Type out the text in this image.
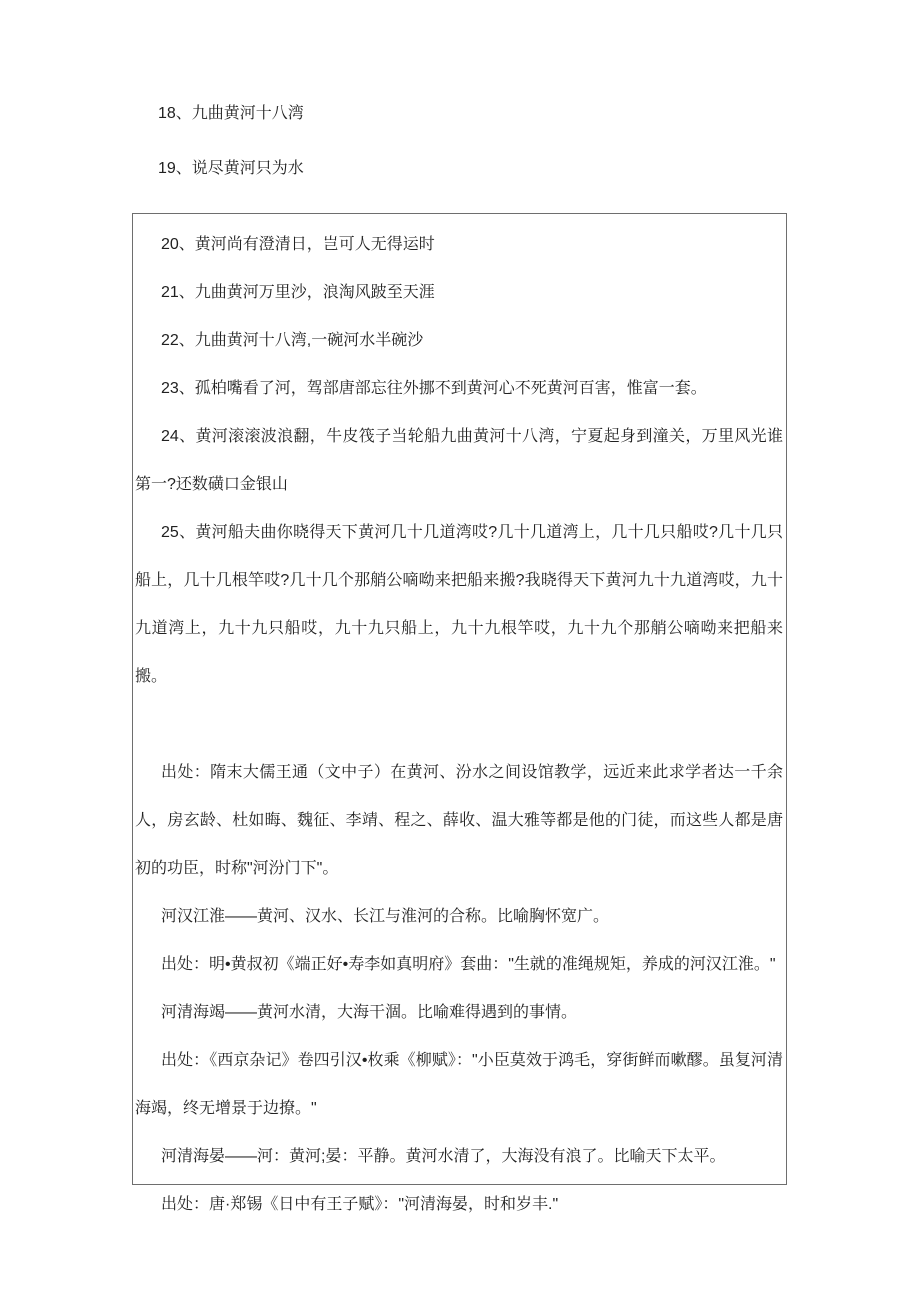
18、九曲黄河十八湾

19、说尽黄河只为水

20、黄河尚有澄清日，岂可人无得运时

21、九曲黄河万里沙，浪淘风跛至天涯

22、九曲黄河十八湾,一碗河水半碗沙

23、孤柏嘴看了河，驾部唐部忘往外挪不到黄河心不死黄河百害，惟富一套。

24、黄河滚滚波浪翻，牛皮筏子当轮船九曲黄河十八湾，宁夏起身到潼关，万里风光谁第一?还数磺口金银山

25、黄河船夫曲你晓得天下黄河几十几道湾哎?几十几道湾上，几十几只船哎?几十几只船上，几十几根竿哎?几十几个那艄公嘀呦来把船来搬?我晓得天下黄河九十九道湾哎，九十九道湾上，九十九只船哎，九十九只船上，九十九根竿哎，九十九个那艄公嘀呦来把船来搬。

出处：隋末大儒王通（文中子）在黄河、汾水之间设馆教学，远近来此求学者达一千余人，房玄龄、杜如晦、魏征、李靖、程之、薛收、温大雅等都是他的门徒，而这些人都是唐初的功臣，时称"河汾门下"。

河汉江淮——黄河、汉水、长江与淮河的合称。比喻胸怀宽广。

出处：明•黄叔初《端正好•寿李如真明府》套曲："生就的准绳规矩，养成的河汉江淮。"

河清海竭——黄河水清，大海干涸。比喻难得遇到的事情。

出处：《西京杂记》卷四引汉•枚乘《柳赋》："小臣莫效于鸿毛，穿街鲜而嗽醪。虽复河清海竭，终无增景于边撩。"

河清海晏——河：黄河;晏：平静。黄河水清了，大海没有浪了。比喻天下太平。

出处：唐·郑锡《日中有王子赋》："河清海晏，时和岁丰."
